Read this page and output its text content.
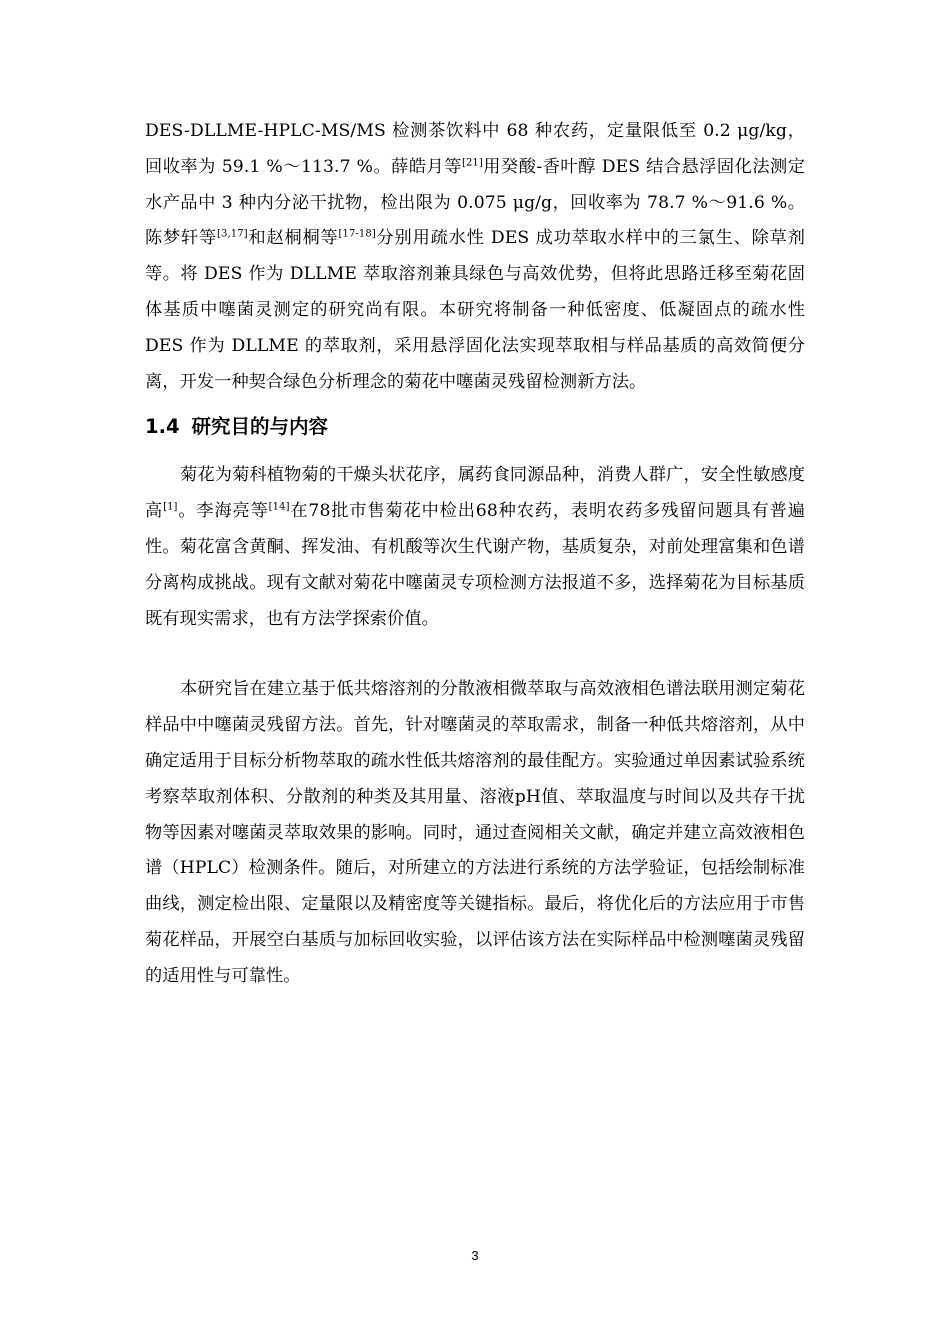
DES-DLLME-HPLC-MS/MS 检测茶饮料中 68 种农药，定量限低至 0.2 μg/kg，回收率为 59.1 %～113.7 %。薛皓月等[21]用癸酸-香叶醇 DES 结合悬浮固化法测定水产品中 3 种内分泌干扰物，检出限为 0.075 μg/g，回收率为 78.7 %～91.6 %。陈梦轩等[3,17]和赵桐桐等[17-18]分别用疏水性 DES 成功萃取水样中的三氯生、除草剂等。将 DES 作为 DLLME 萃取溶剂兼具绿色与高效优势，但将此思路迁移至菊花固体基质中噻菌灵测定的研究尚有限。本研究将制备一种低密度、低凝固点的疏水性 DES 作为 DLLME 的萃取剂，采用悬浮固化法实现萃取相与样品基质的高效简便分离，开发一种契合绿色分析理念的菊花中噻菌灵残留检测新方法。

1.4 研究目的与内容

菊花为菊科植物菊的干燥头状花序，属药食同源品种，消费人群广，安全性敏感度高[1]。李海亮等[14]在78批市售菊花中检出68种农药，表明农药多残留问题具有普遍性。菊花富含黄酮、挥发油、有机酸等次生代谢产物，基质复杂，对前处理富集和色谱分离构成挑战。现有文献对菊花中噻菌灵专项检测方法报道不多，选择菊花为目标基质既有现实需求，也有方法学探索价值。

本研究旨在建立基于低共熔溶剂的分散液相微萃取与高效液相色谱法联用测定菊花样品中中噻菌灵残留方法。首先，针对噻菌灵的萃取需求，制备一种低共熔溶剂，从中确定适用于目标分析物萃取的疏水性低共熔溶剂的最佳配方。实验通过单因素试验系统考察萃取剂体积、分散剂的种类及其用量、溶液pH值、萃取温度与时间以及共存干扰物等因素对噻菌灵萃取效果的影响。同时，通过查阅相关文献，确定并建立高效液相色谱（HPLC）检测条件。随后，对所建立的方法进行系统的方法学验证，包括绘制标准曲线，测定检出限、定量限以及精密度等关键指标。最后，将优化后的方法应用于市售菊花样品，开展空白基质与加标回收实验，以评估该方法在实际样品中检测噻菌灵残留的适用性与可靠性。

3
